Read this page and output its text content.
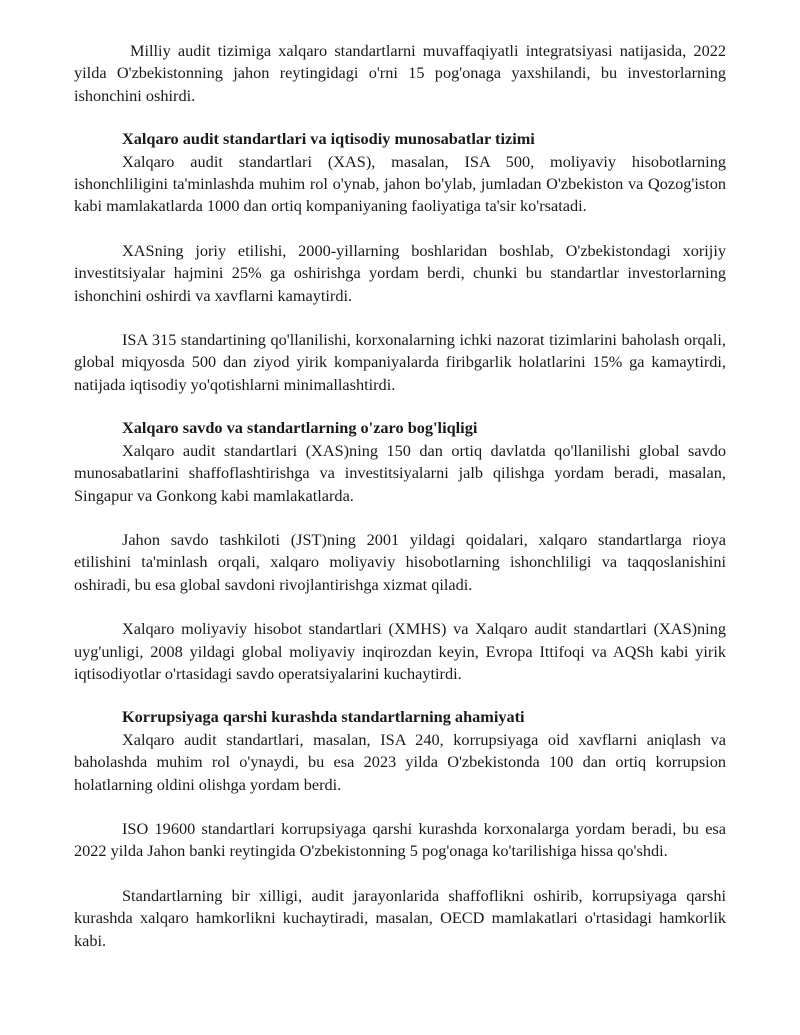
Milliy audit tizimiga xalqaro standartlarni muvaffaqiyatli integratsiyasi natijasida, 2022 yilda O'zbekistonning jahon reytingidagi o'rni 15 pog'onaga yaxshilandi, bu investorlarning ishonchini oshirdi.

Xalqaro audit standartlari va iqtisodiy munosabatlar tizimi

Xalqaro audit standartlari (XAS), masalan, ISA 500, moliyaviy hisobotlarning ishonchliligini ta'minlashda muhim rol o'ynab, jahon bo'ylab, jumladan O'zbekiston va Qozog'iston kabi mamlakatlarda 1000 dan ortiq kompaniyaning faoliyatiga ta'sir ko'rsatadi.

XASning joriy etilishi, 2000-yillarning boshlaridan boshlab, O'zbekistondagi xorijiy investitsiyalar hajmini 25% ga oshirishga yordam berdi, chunki bu standartlar investorlarning ishonchini oshirdi va xavflarni kamaytirdi.

ISA 315 standartining qo'llanilishi, korxonalarning ichki nazorat tizimlarini baholash orqali, global miqyosda 500 dan ziyod yirik kompaniyalarda firibgarlik holatlarini 15% ga kamaytirdi, natijada iqtisodiy yo'qotishlarni minimallashtirdi.

Xalqaro savdo va standartlarning o'zaro bog'liqligi

Xalqaro audit standartlari (XAS)ning 150 dan ortiq davlatda qo'llanilishi global savdo munosabatlarini shaffoflashtirishga va investitsiyalarni jalb qilishga yordam beradi, masalan, Singapur va Gonkong kabi mamlakatlarda.

Jahon savdo tashkiloti (JST)ning 2001 yildagi qoidalari, xalqaro standartlarga rioya etilishini ta'minlash orqali, xalqaro moliyaviy hisobotlarning ishonchliligi va taqqoslanishini oshiradi, bu esa global savdoni rivojlantirishga xizmat qiladi.

Xalqaro moliyaviy hisobot standartlari (XMHS) va Xalqaro audit standartlari (XAS)ning uyg'unligi, 2008 yildagi global moliyaviy inqirozdan keyin, Evropa Ittifoqi va AQSh kabi yirik iqtisodiyotlar o'rtasidagi savdo operatsiyalarini kuchaytirdi.

Korrupsiyaga qarshi kurashda standartlarning ahamiyati

Xalqaro audit standartlari, masalan, ISA 240, korrupsiyaga oid xavflarni aniqlash va baholashda muhim rol o'ynaydi, bu esa 2023 yilda O'zbekistonda 100 dan ortiq korrupsion holatlarning oldini olishga yordam berdi.

ISO 19600 standartlari korrupsiyaga qarshi kurashda korxonalarga yordam beradi, bu esa 2022 yilda Jahon banki reytingida O'zbekistonning 5 pog'onaga ko'tarilishiga hissa qo'shdi.

Standartlarning bir xilligi, audit jarayonlarida shaffoflikni oshirib, korrupsiyaga qarshi kurashda xalqaro hamkorlikni kuchaytiradi, masalan, OECD mamlakatlari o'rtasidagi hamkorlik kabi.
